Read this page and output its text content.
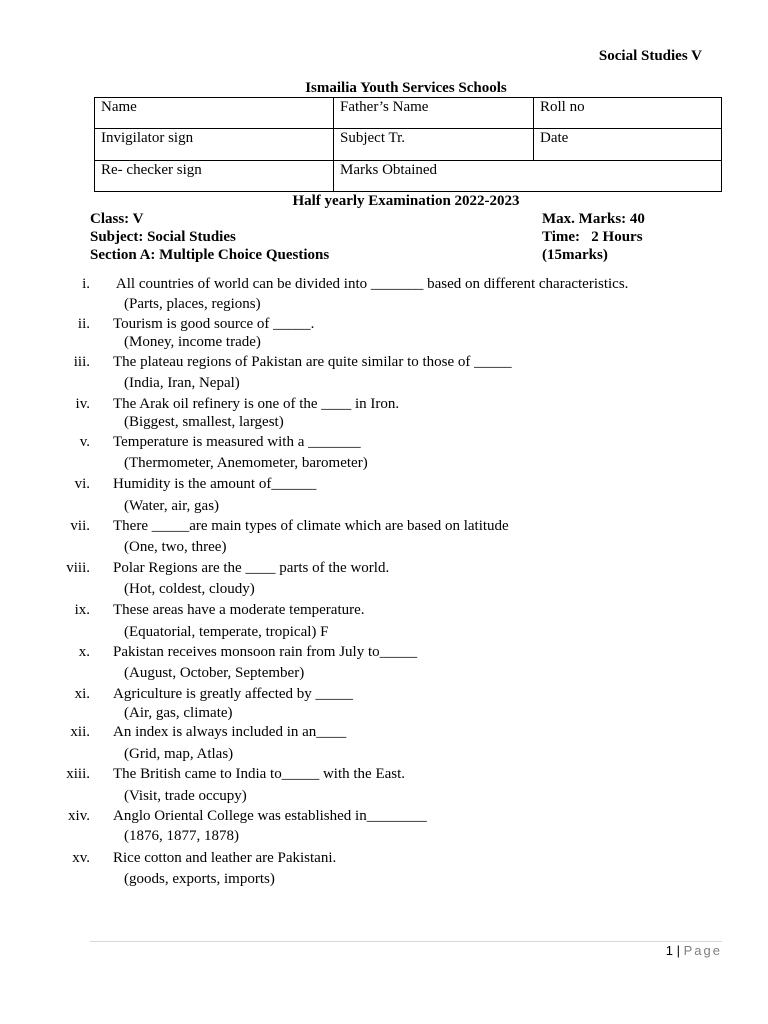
Social Studies V
Ismailia Youth Services Schools
Name	Father’s Name	Roll no
Invigilator sign	Subject Tr.	Date
Re- checker sign	Marks Obtained	
Half yearly Examination 2022-2023
Class: V
Subject: Social Studies
Section A: Multiple Choice Questions
Max. Marks: 40
Time:   2 Hours
(15marks)
i. All countries of world can be divided into _______ based on different characteristics.
(Parts, places, regions)
ii. Tourism is good source of _____.
(Money, income trade)
iii. The plateau regions of Pakistan are quite similar to those of _____
(India, Iran, Nepal)
iv. The Arak oil refinery is one of the ____ in Iron.
(Biggest, smallest, largest)
v. Temperature is measured with a _______
(Thermometer, Anemometer, barometer)
vi. Humidity is the amount of______
(Water, air, gas)
vii. There _____are main types of climate which are based on latitude
(One, two, three)
viii. Polar Regions are the ____ parts of the world.
(Hot, coldest, cloudy)
ix. These areas have a moderate temperature.
(Equatorial, temperate, tropical) F
x. Pakistan receives monsoon rain from July to_____
(August, October, September)
xi. Agriculture is greatly affected by _____
(Air, gas, climate)
xii. An index is always included in an____
(Grid, map, Atlas)
xiii. The British came to India to_____ with the East.
(Visit, trade occupy)
xiv. Anglo Oriental College was established in________
(1876, 1877, 1878)
xv. Rice cotton and leather are Pakistani.
(goods, exports, imports)
1 | Page
